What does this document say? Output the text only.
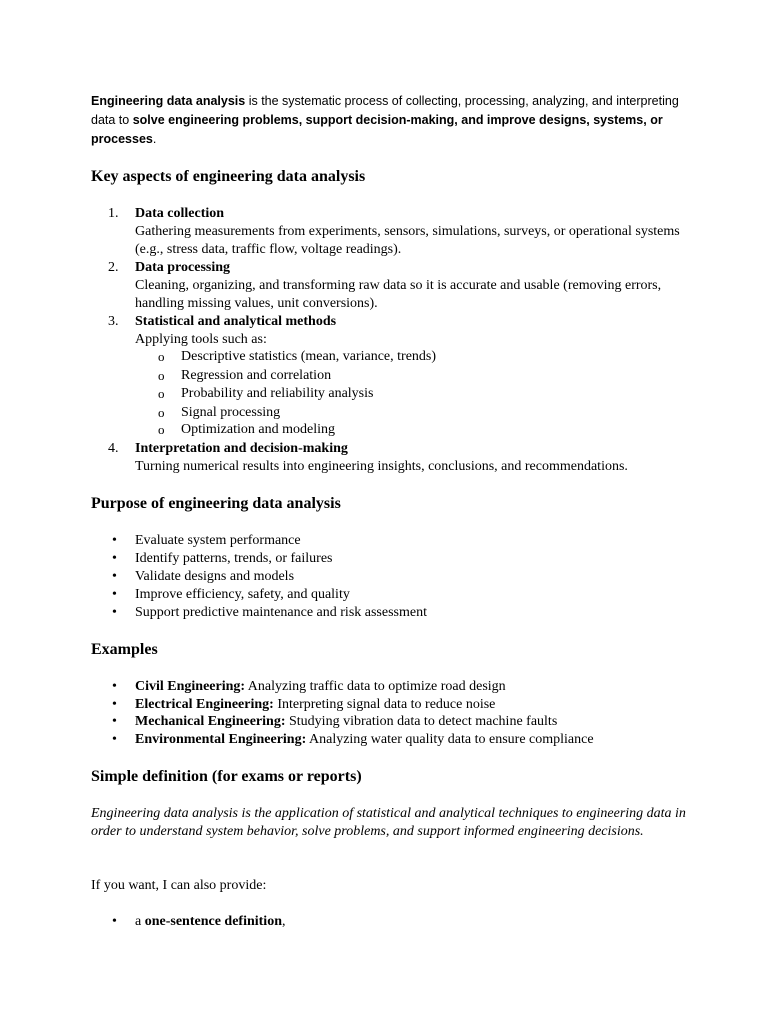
Engineering data analysis is the systematic process of collecting, processing, analyzing, and interpreting data to solve engineering problems, support decision-making, and improve designs, systems, or processes.
Key aspects of engineering data analysis
1. Data collection
Gathering measurements from experiments, sensors, simulations, surveys, or operational systems (e.g., stress data, traffic flow, voltage readings).
2. Data processing
Cleaning, organizing, and transforming raw data so it is accurate and usable (removing errors, handling missing values, unit conversions).
3. Statistical and analytical methods
Applying tools such as:
o Descriptive statistics (mean, variance, trends)
o Regression and correlation
o Probability and reliability analysis
o Signal processing
o Optimization and modeling
4. Interpretation and decision-making
Turning numerical results into engineering insights, conclusions, and recommendations.
Purpose of engineering data analysis
• Evaluate system performance
• Identify patterns, trends, or failures
• Validate designs and models
• Improve efficiency, safety, and quality
• Support predictive maintenance and risk assessment
Examples
• Civil Engineering: Analyzing traffic data to optimize road design
• Electrical Engineering: Interpreting signal data to reduce noise
• Mechanical Engineering: Studying vibration data to detect machine faults
• Environmental Engineering: Analyzing water quality data to ensure compliance
Simple definition (for exams or reports)
Engineering data analysis is the application of statistical and analytical techniques to engineering data in order to understand system behavior, solve problems, and support informed engineering decisions.
If you want, I can also provide:
• a one-sentence definition,
